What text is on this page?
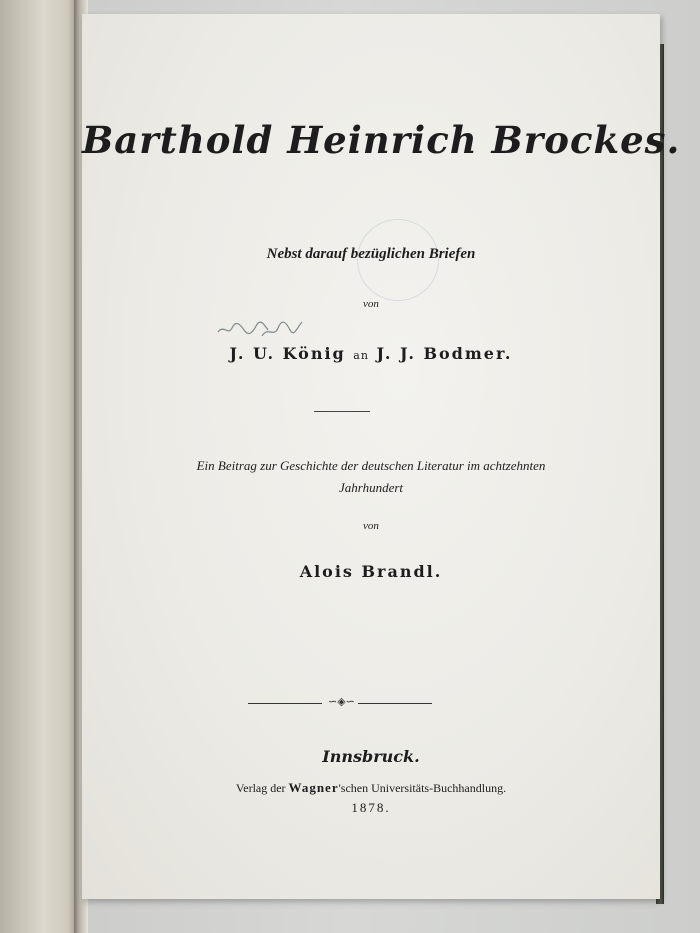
Barthold Heinrich Brockes.
Nebst darauf bezüglichen Briefen
von
J. U. König an J. J. Bodmer.
Ein Beitrag zur Geschichte der deutschen Literatur im achtzehnten
Jahrhundert
von
Alois Brandl.
∽◈∽
Innsbruck.
Verlag der Wagner'schen Universitäts-Buchhandlung.
1878.
